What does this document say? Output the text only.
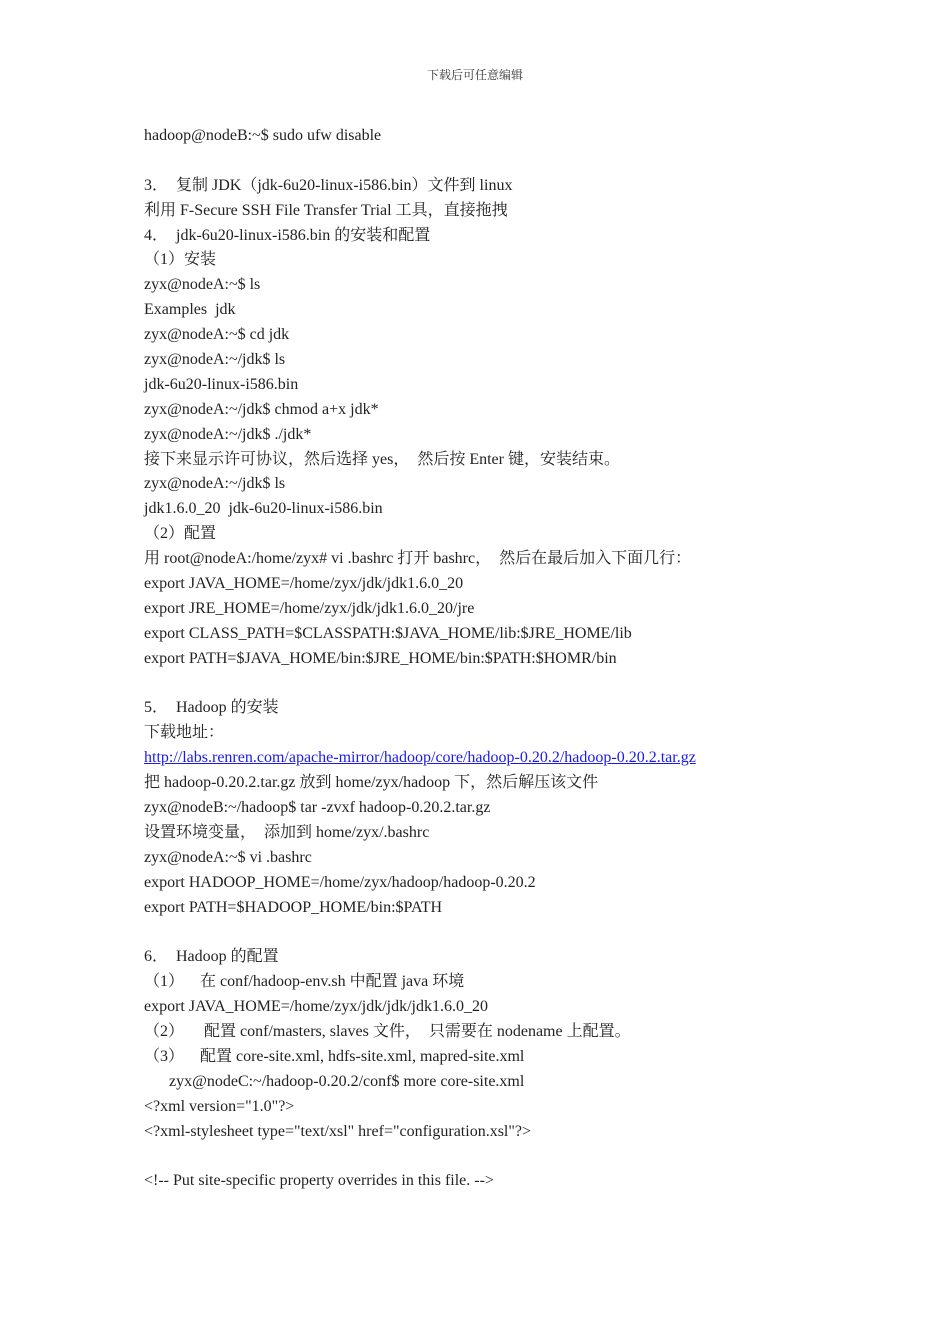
下载后可任意编辑
hadoop@nodeB:~$ sudo ufw disable
3．  复制 JDK（jdk-6u20-linux-i586.bin）文件到 linux
利用 F-Secure SSH File Transfer Trial 工具，直接拖拽
4．  jdk-6u20-linux-i586.bin 的安装和配置
（1）安装
zyx@nodeA:~$ ls
Examples  jdk
zyx@nodeA:~$ cd jdk
zyx@nodeA:~/jdk$ ls
jdk-6u20-linux-i586.bin
zyx@nodeA:~/jdk$ chmod a+x jdk*
zyx@nodeA:~/jdk$ ./jdk*
接下来显示许可协议，然后选择 yes，  然后按 Enter 键，安装结束。
zyx@nodeA:~/jdk$ ls
jdk1.6.0_20  jdk-6u20-linux-i586.bin
（2）配置
用 root@nodeA:/home/zyx# vi .bashrc 打开 bashrc，  然后在最后加入下面几行：
export JAVA_HOME=/home/zyx/jdk/jdk1.6.0_20
export JRE_HOME=/home/zyx/jdk/jdk1.6.0_20/jre
export CLASS_PATH=$CLASSPATH:$JAVA_HOME/lib:$JRE_HOME/lib
export PATH=$JAVA_HOME/bin:$JRE_HOME/bin:$PATH:$HOMR/bin
5．  Hadoop 的安装
下载地址：
http://labs.renren.com/apache-mirror/hadoop/core/hadoop-0.20.2/hadoop-0.20.2.tar.gz
把 hadoop-0.20.2.tar.gz 放到 home/zyx/hadoop 下，然后解压该文件
zyx@nodeB:~/hadoop$ tar -zvxf hadoop-0.20.2.tar.gz
设置环境变量，  添加到 home/zyx/.bashrc
zyx@nodeA:~$ vi .bashrc
export HADOOP_HOME=/home/zyx/hadoop/hadoop-0.20.2
export PATH=$HADOOP_HOME/bin:$PATH
6．  Hadoop 的配置
（1）    在 conf/hadoop-env.sh 中配置 java 环境
export JAVA_HOME=/home/zyx/jdk/jdk/jdk1.6.0_20
（2）     配置 conf/masters, slaves 文件，  只需要在 nodename 上配置。
（3）    配置 core-site.xml, hdfs-site.xml, mapred-site.xml
zyx@nodeC:~/hadoop-0.20.2/conf$ more core-site.xml
<?xml version="1.0"?>
<?xml-stylesheet type="text/xsl" href="configuration.xsl"?>
<!-- Put site-specific property overrides in this file. -->
